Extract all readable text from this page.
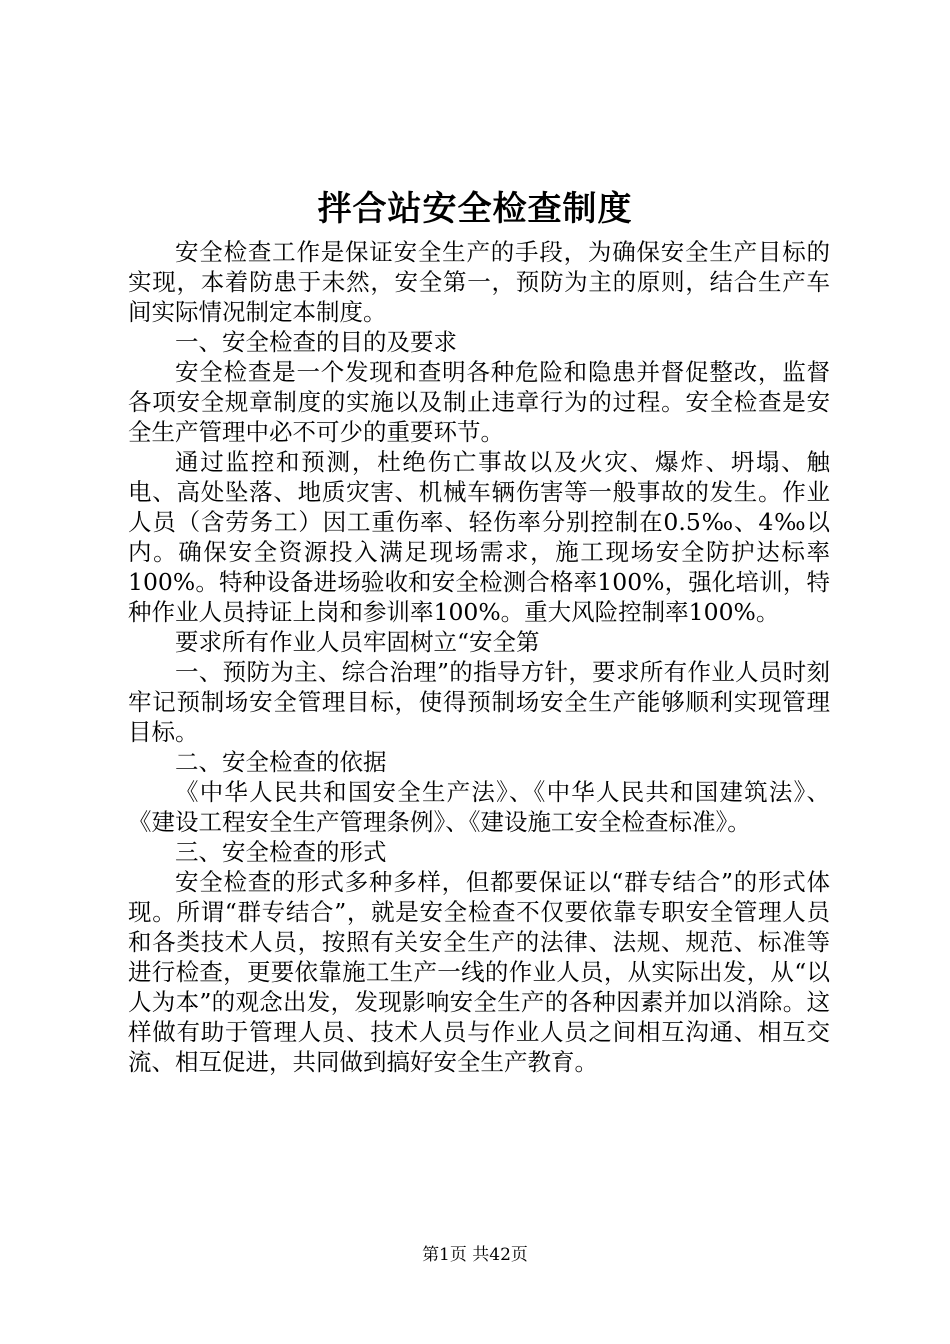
拌合站安全检查制度

安全检查工作是保证安全生产的手段，为确保安全生产目标的实现，本着防患于未然，安全第一，预防为主的原则，结合生产车间实际情况制定本制度。

一、安全检查的目的及要求

安全检查是一个发现和查明各种危险和隐患并督促整改，监督各项安全规章制度的实施以及制止违章行为的过程。安全检查是安全生产管理中必不可少的重要环节。

通过监控和预测，杜绝伤亡事故以及火灾、爆炸、坍塌、触电、高处坠落、地质灾害、机械车辆伤害等一般事故的发生。作业人员（含劳务工）因工重伤率、轻伤率分别控制在0.5‰、4‰以内。确保安全资源投入满足现场需求，施工现场安全防护达标率100%。特种设备进场验收和安全检测合格率100%，强化培训，特种作业人员持证上岗和参训率100%。重大风险控制率100%。

要求所有作业人员牢固树立“安全第

一、预防为主、综合治理”的指导方针，要求所有作业人员时刻牢记预制场安全管理目标，使得预制场安全生产能够顺利实现管理目标。

二、安全检查的依据

《中华人民共和国安全生产法》、《中华人民共和国建筑法》、《建设工程安全生产管理条例》、《建设施工安全检查标准》。

三、安全检查的形式

安全检查的形式多种多样，但都要保证以“群专结合”的形式体现。所谓“群专结合”，就是安全检查不仅要依靠专职安全管理人员和各类技术人员，按照有关安全生产的法律、法规、规范、标准等进行检查，更要依靠施工生产一线的作业人员，从实际出发，从“以人为本”的观念出发，发现影响安全生产的各种因素并加以消除。这样做有助于管理人员、技术人员与作业人员之间相互沟通、相互交流、相互促进，共同做到搞好安全生产教育。

第1页 共42页
